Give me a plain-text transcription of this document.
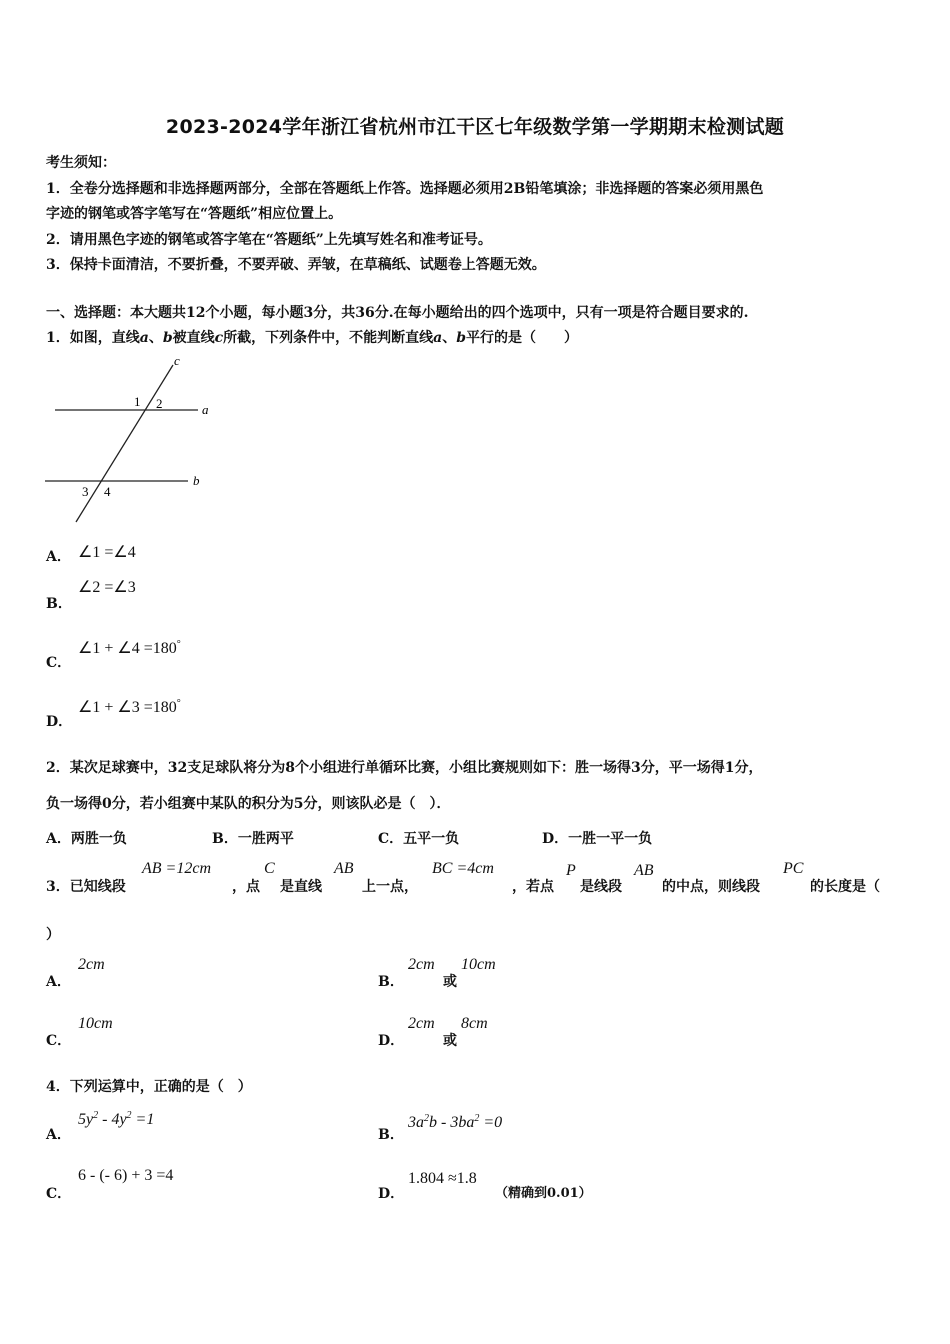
2023-2024学年浙江省杭州市江干区七年级数学第一学期期末检测试题
考生须知：
1．全卷分选择题和非选择题两部分，全部在答题纸上作答。选择题必须用2B铅笔填涂；非选择题的答案必须用黑色
字迹的钢笔或答字笔写在“答题纸”相应位置上。
2．请用黑色字迹的钢笔或答字笔在“答题纸”上先填写姓名和准考证号。
3．保持卡面清洁，不要折叠，不要弄破、弄皱，在草稿纸、试题卷上答题无效。
一、选择题：本大题共12个小题，每小题3分，共36分.在每小题给出的四个选项中，只有一项是符合题目要求的.
1．如图，直线a、b被直线c所截，下列条件中，不能判断直线a、b平行的是（　　）
c
a
b
1 2
3 4
A． ∠1 =∠4
B．
∠2 =∠3
C．
∠1 + ∠4 =180°
D．
∠1 + ∠3 =180°
2．某次足球赛中，32支足球队将分为8个小组进行单循环比赛，小组比赛规则如下：胜一场得3分，平一场得1分，
负一场得0分，若小组赛中某队的积分为5分，则该队必是（　）．
A．两胜一负	B．一胜两平	C．五平一负	D．一胜一平一负
3．已知线段
AB =12cm
，点
C
是直线
AB
上一点，
BC =4cm
，若点
P
是线段
AB
的中点，则线段
PC
的长度是（
）
A．
2cm
B．
2cm
或
10cm
C．
10cm
D．
2cm
或
8cm
4．下列运算中，正确的是（　）
A．
$5y^2 - 4y^2 =1$
B．
$3a^2b - 3ba^2 =0$
C．
6 - (- 6) + 3 =4
D．
1.804 ≈1.8
（精确到0.01）
